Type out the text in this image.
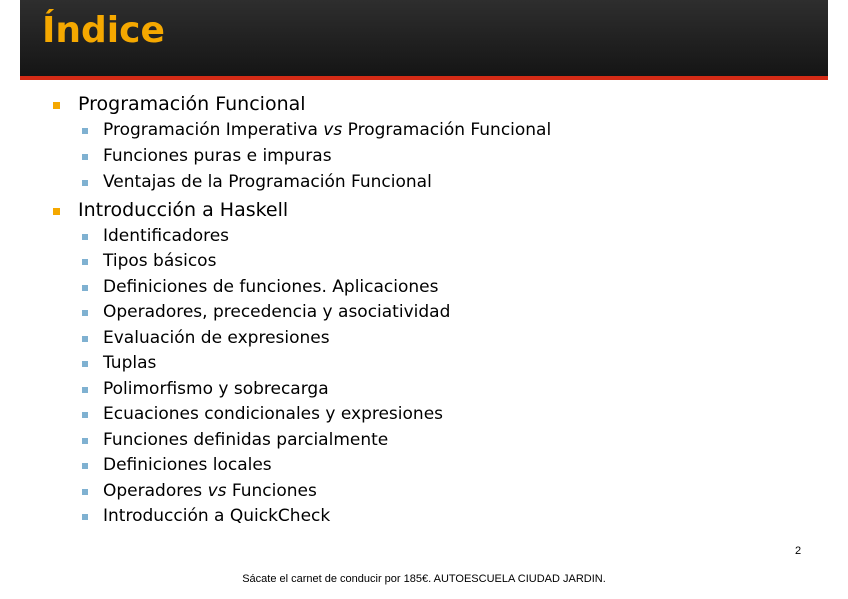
Índice
Programación Funcional
Programación Imperativa vs Programación Funcional
Funciones puras e impuras
Ventajas de la Programación Funcional
Introducción a Haskell
Identificadores
Tipos básicos
Definiciones de funciones. Aplicaciones
Operadores, precedencia y asociatividad
Evaluación de expresiones
Tuplas
Polimorfismo y sobrecarga
Ecuaciones condicionales y expresiones
Funciones definidas parcialmente
Definiciones locales
Operadores vs Funciones
Introducción a QuickCheck
2
Sácate el carnet de conducir por 185€. AUTOESCUELA CIUDAD JARDIN.
